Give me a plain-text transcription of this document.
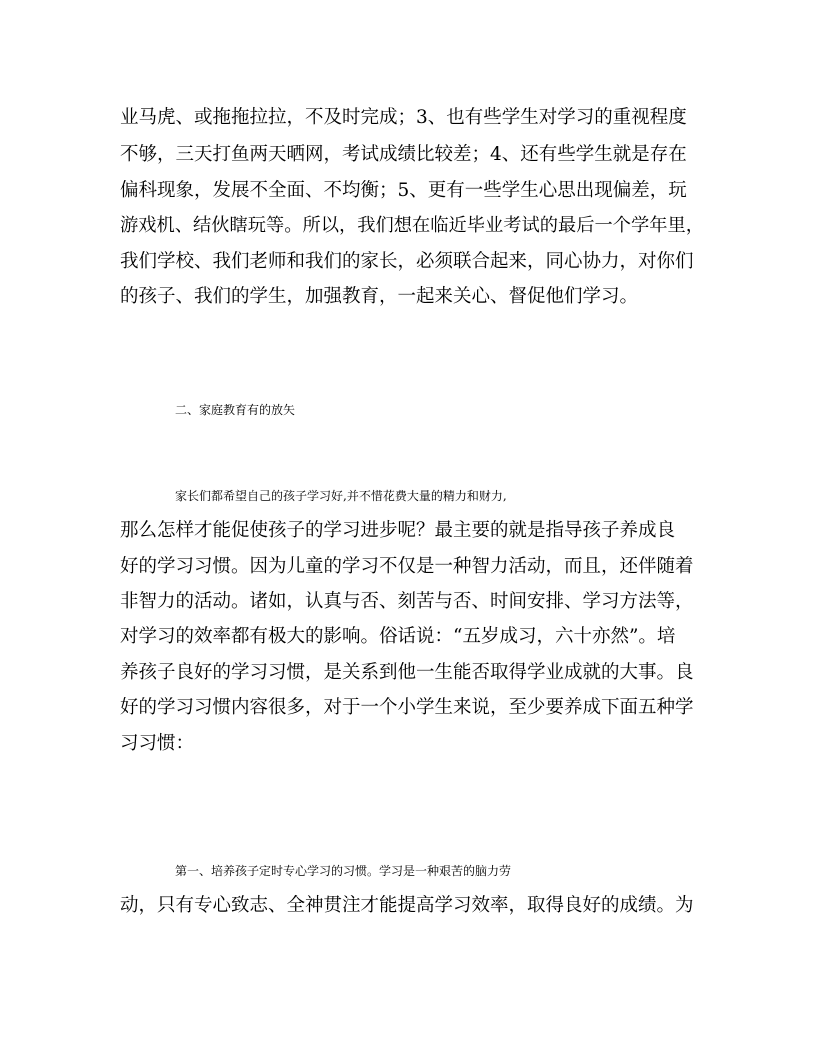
业马虎、或拖拖拉拉，不及时完成；3、也有些学生对学习的重视程度
不够，三天打鱼两天晒网，考试成绩比较差；4、还有些学生就是存在
偏科现象，发展不全面、不均衡；5、更有一些学生心思出现偏差，玩
游戏机、结伙瞎玩等。所以，我们想在临近毕业考试的最后一个学年里，
我们学校、我们老师和我们的家长，必须联合起来，同心协力，对你们
的孩子、我们的学生，加强教育，一起来关心、督促他们学习。
二、家庭教育有的放矢
家长们都希望自己的孩子学习好,并不惜花费大量的精力和财力,
那么怎样才能促使孩子的学习进步呢？最主要的就是指导孩子养成良
好的学习习惯。因为儿童的学习不仅是一种智力活动，而且，还伴随着
非智力的活动。诸如，认真与否、刻苦与否、时间安排、学习方法等，
对学习的效率都有极大的影响。俗话说：“五岁成习，六十亦然”。培
养孩子良好的学习习惯，是关系到他一生能否取得学业成就的大事。良
好的学习习惯内容很多，对于一个小学生来说，至少要养成下面五种学
习习惯：
第一、培养孩子定时专心学习的习惯。学习是一种艰苦的脑力劳
动，只有专心致志、全神贯注才能提高学习效率，取得良好的成绩。为
